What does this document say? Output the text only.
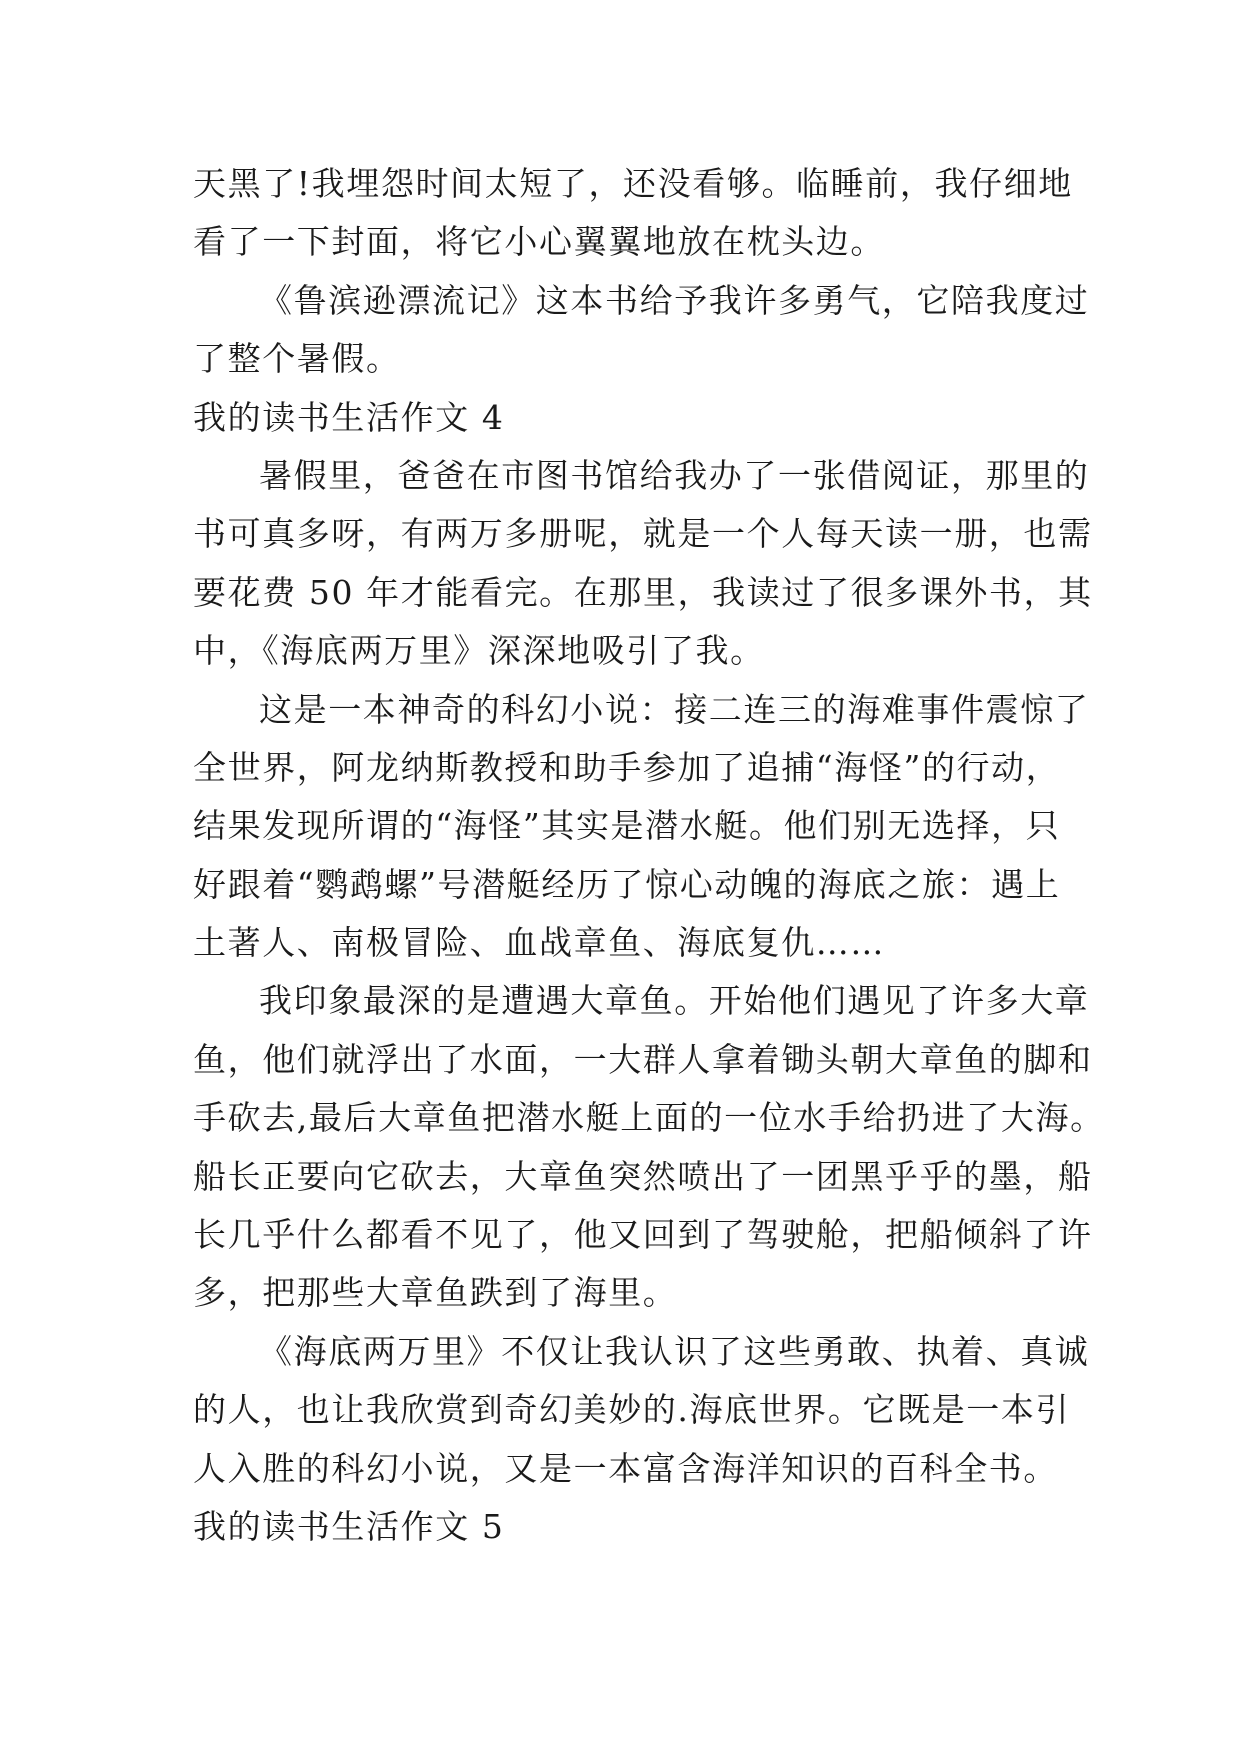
天黑了!我埋怨时间太短了，还没看够。临睡前，我仔细地
看了一下封面，将它小心翼翼地放在枕头边。
《鲁滨逊漂流记》这本书给予我许多勇气，它陪我度过
了整个暑假。
我的读书生活作文 4
暑假里，爸爸在市图书馆给我办了一张借阅证，那里的
书可真多呀，有两万多册呢，就是一个人每天读一册，也需
要花费 50 年才能看完。在那里，我读过了很多课外书，其
中，《海底两万里》深深地吸引了我。
这是一本神奇的科幻小说：接二连三的海难事件震惊了
全世界，阿龙纳斯教授和助手参加了追捕“海怪”的行动，
结果发现所谓的“海怪”其实是潜水艇。他们别无选择，只
好跟着“鹦鹉螺”号潜艇经历了惊心动魄的海底之旅：遇上
土著人、南极冒险、血战章鱼、海底复仇……
我印象最深的是遭遇大章鱼。开始他们遇见了许多大章
鱼，他们就浮出了水面，一大群人拿着锄头朝大章鱼的脚和
手砍去,最后大章鱼把潜水艇上面的一位水手给扔进了大海。
船长正要向它砍去，大章鱼突然喷出了一团黑乎乎的墨，船
长几乎什么都看不见了，他又回到了驾驶舱，把船倾斜了许
多，把那些大章鱼跌到了海里。
《海底两万里》不仅让我认识了这些勇敢、执着、真诚
的人，也让我欣赏到奇幻美妙的.海底世界。它既是一本引
人入胜的科幻小说，又是一本富含海洋知识的百科全书。
我的读书生活作文 5
